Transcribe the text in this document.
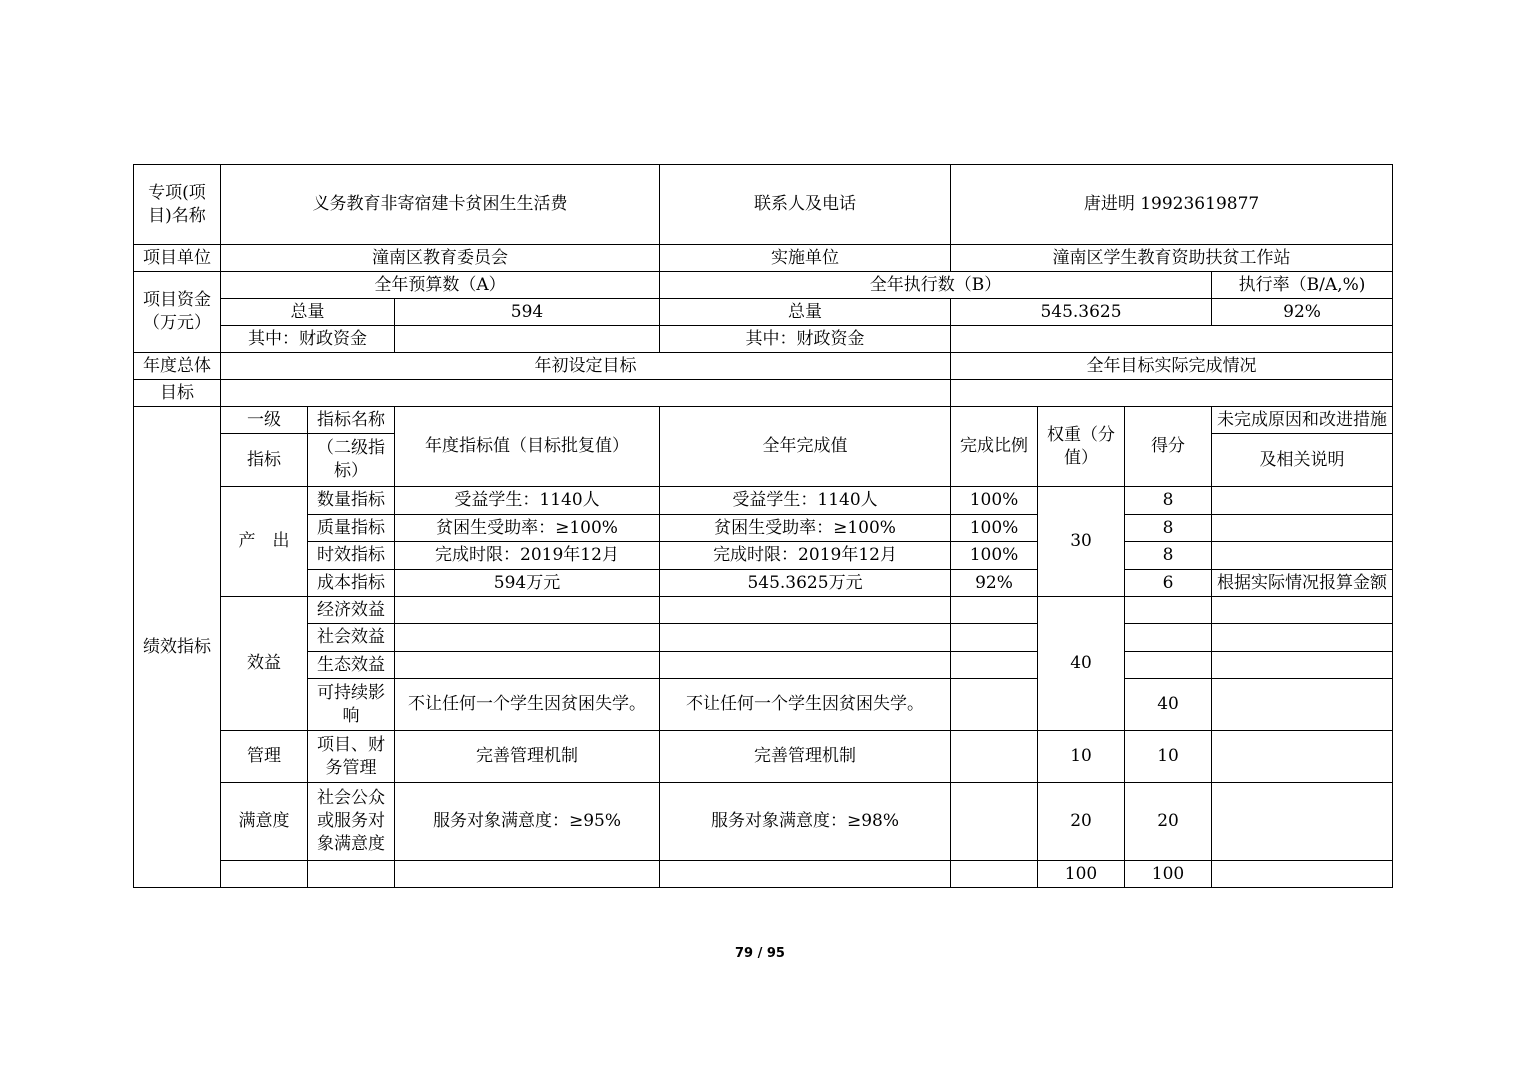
专项(项目)名称	义务教育非寄宿建卡贫困生生活费			联系人及电话	唐进明 19923619877			
项目单位	潼南区教育委员会			实施单位	潼南区学生教育资助扶贫工作站			
项目资金（万元）	全年预算数（A）			全年执行数（B）				执行率（B/A,%)
	总量		594	总量	545.3625			92%
	其中：财政资金			其中：财政资金				
年度总体	年初设定目标				全年目标实际完成情况			
目标								
绩效指标	一级	指标名称	年度指标值（目标批复值）	全年完成值	完成比例	权重（分值）	得分	未完成原因和改进措施
	指标	（二级指标）						及相关说明
	产　出	数量指标	受益学生：1140人	受益学生：1140人	100%	30	8	
		质量指标	贫困生受助率：≥100%	贫困生受助率：≥100%	100%		8	
		时效指标	完成时限：2019年12月	完成时限：2019年12月	100%		8	
		成本指标	594万元	545.3625万元	92%		6	根据实际情况报算金额
	效益	经济效益				40		
		社会效益						
		生态效益						
		可持续影响	不让任何一个学生因贫困失学。	不让任何一个学生因贫困失学。			40	
	管理	项目、财务管理	完善管理机制	完善管理机制		10	10	
	满意度	社会公众或服务对象满意度	服务对象满意度：≥95%	服务对象满意度：≥98%		20	20	
						100	100	
79 / 95
